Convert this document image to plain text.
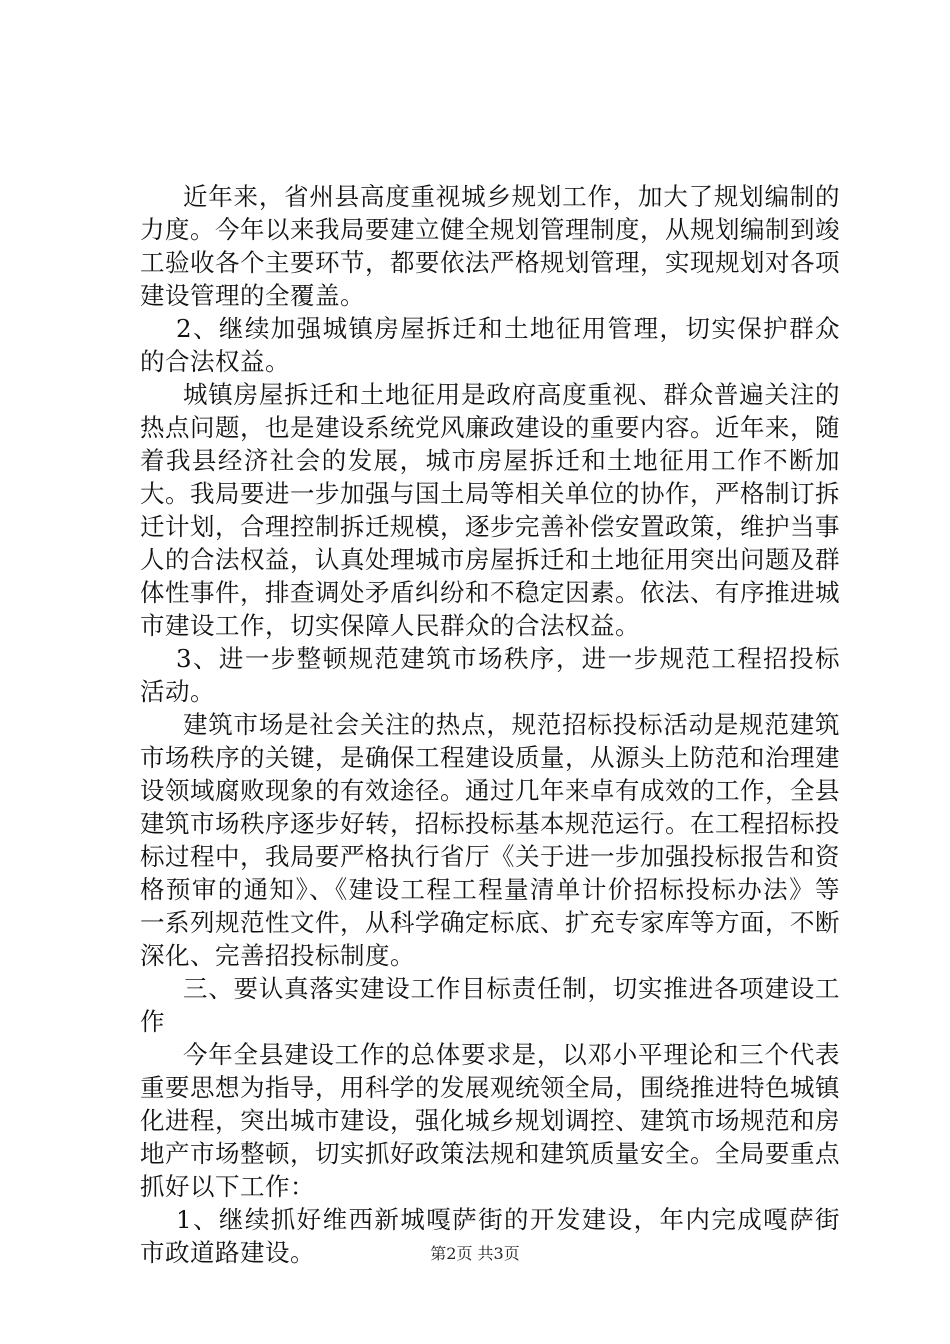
近年来，省州县高度重视城乡规划工作，加大了规划编制的力度。今年以来我局要建立健全规划管理制度，从规划编制到竣工验收各个主要环节，都要依法严格规划管理，实现规划对各项建设管理的全覆盖。

2、继续加强城镇房屋拆迁和土地征用管理，切实保护群众的合法权益。

城镇房屋拆迁和土地征用是政府高度重视、群众普遍关注的热点问题，也是建设系统党风廉政建设的重要内容。近年来，随着我县经济社会的发展，城市房屋拆迁和土地征用工作不断加大。我局要进一步加强与国土局等相关单位的协作，严格制订拆迁计划，合理控制拆迁规模，逐步完善补偿安置政策，维护当事人的合法权益，认真处理城市房屋拆迁和土地征用突出问题及群体性事件，排查调处矛盾纠纷和不稳定因素。依法、有序推进城市建设工作，切实保障人民群众的合法权益。

3、进一步整顿规范建筑市场秩序，进一步规范工程招投标活动。

建筑市场是社会关注的热点，规范招标投标活动是规范建筑市场秩序的关键，是确保工程建设质量，从源头上防范和治理建设领域腐败现象的有效途径。通过几年来卓有成效的工作，全县建筑市场秩序逐步好转，招标投标基本规范运行。在工程招标投标过程中，我局要严格执行省厅《关于进一步加强投标报告和资格预审的通知》、《建设工程工程量清单计价招标投标办法》等一系列规范性文件，从科学确定标底、扩充专家库等方面，不断深化、完善招投标制度。

三、要认真落实建设工作目标责任制，切实推进各项建设工作

今年全县建设工作的总体要求是，以邓小平理论和三个代表重要思想为指导，用科学的发展观统领全局，围绕推进特色城镇化进程，突出城市建设，强化城乡规划调控、建筑市场规范和房地产市场整顿，切实抓好政策法规和建筑质量安全。全局要重点抓好以下工作：

1、继续抓好维西新城嘎萨街的开发建设，年内完成嘎萨街市政道路建设。	第2页 共3页
